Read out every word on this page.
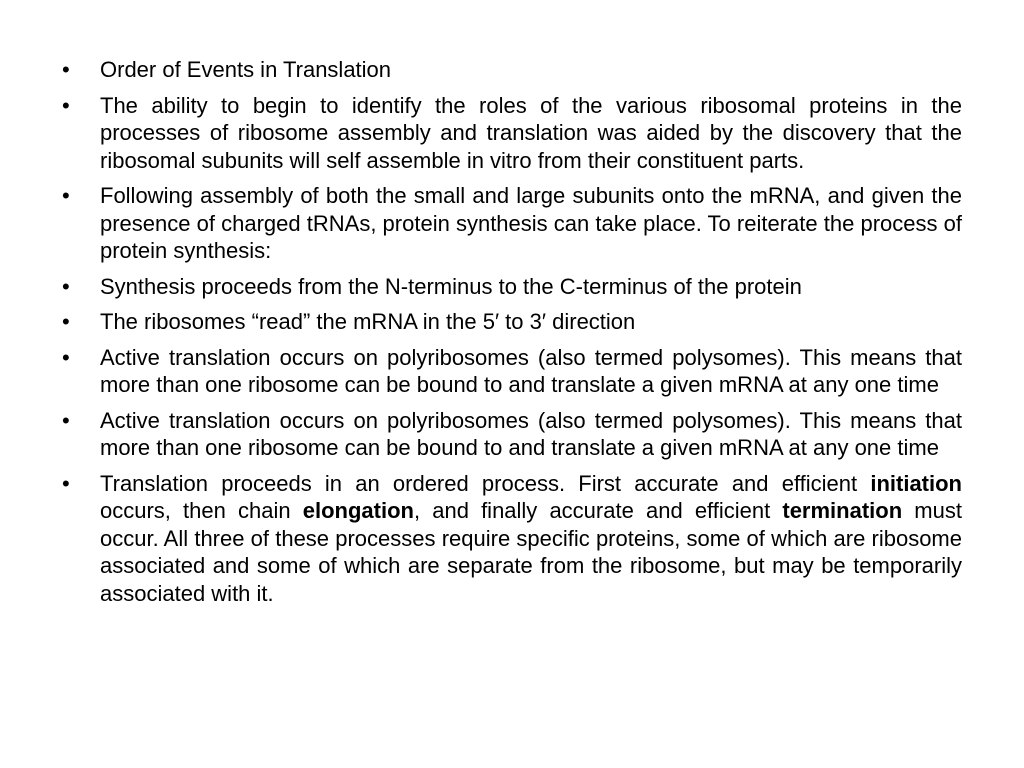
• Order of Events in Translation
• The ability to begin to identify the roles of the various ribosomal proteins in the processes of ribosome assembly and translation was aided by the discovery that the ribosomal subunits will self assemble in vitro from their constituent parts.
• Following assembly of both the small and large subunits onto the mRNA, and given the presence of charged tRNAs, protein synthesis can take place. To reiterate the process of protein synthesis:
• Synthesis proceeds from the N-terminus to the C-terminus of the protein
• The ribosomes “read” the mRNA in the 5′ to 3′ direction
• Active translation occurs on polyribosomes (also termed polysomes). This means that more than one ribosome can be bound to and translate a given mRNA at any one time
• Active translation occurs on polyribosomes (also termed polysomes). This means that more than one ribosome can be bound to and translate a given mRNA at any one time
• Translation proceeds in an ordered process. First accurate and efficient initiation occurs, then chain elongation, and finally accurate and efficient termination must occur. All three of these processes require specific proteins, some of which are ribosome associated and some of which are separate from the ribosome, but may be temporarily associated with it.
